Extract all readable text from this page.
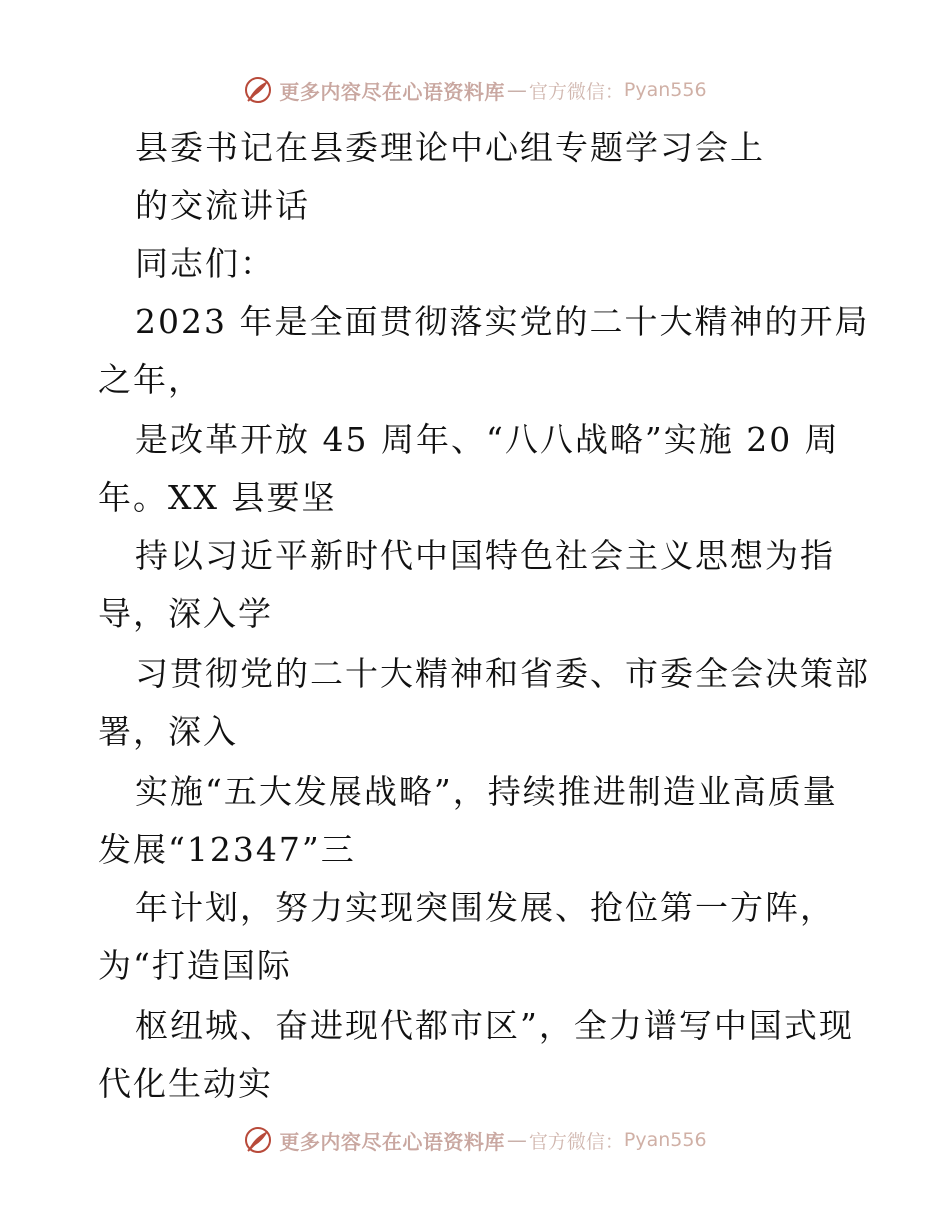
更多内容尽在心语资料库 — 官方微信： Pyan556
县委书记在县委理论中心组专题学习会上
的交流讲话
同志们：
2023 年是全面贯彻落实党的二十大精神的开局
之年，
是改革开放 45 周年、“八八战略”实施 20 周
年。XX 县要坚
持以习近平新时代中国特色社会主义思想为指
导，深入学
习贯彻党的二十大精神和省委、市委全会决策部
署，深入
实施“五大发展战略”，持续推进制造业高质量
发展“12347”三
年计划，努力实现突围发展、抢位第一方阵，
为“打造国际
枢纽城、奋进现代都市区”，全力谱写中国式现
代化生动实
更多内容尽在心语资料库 — 官方微信： Pyan556
